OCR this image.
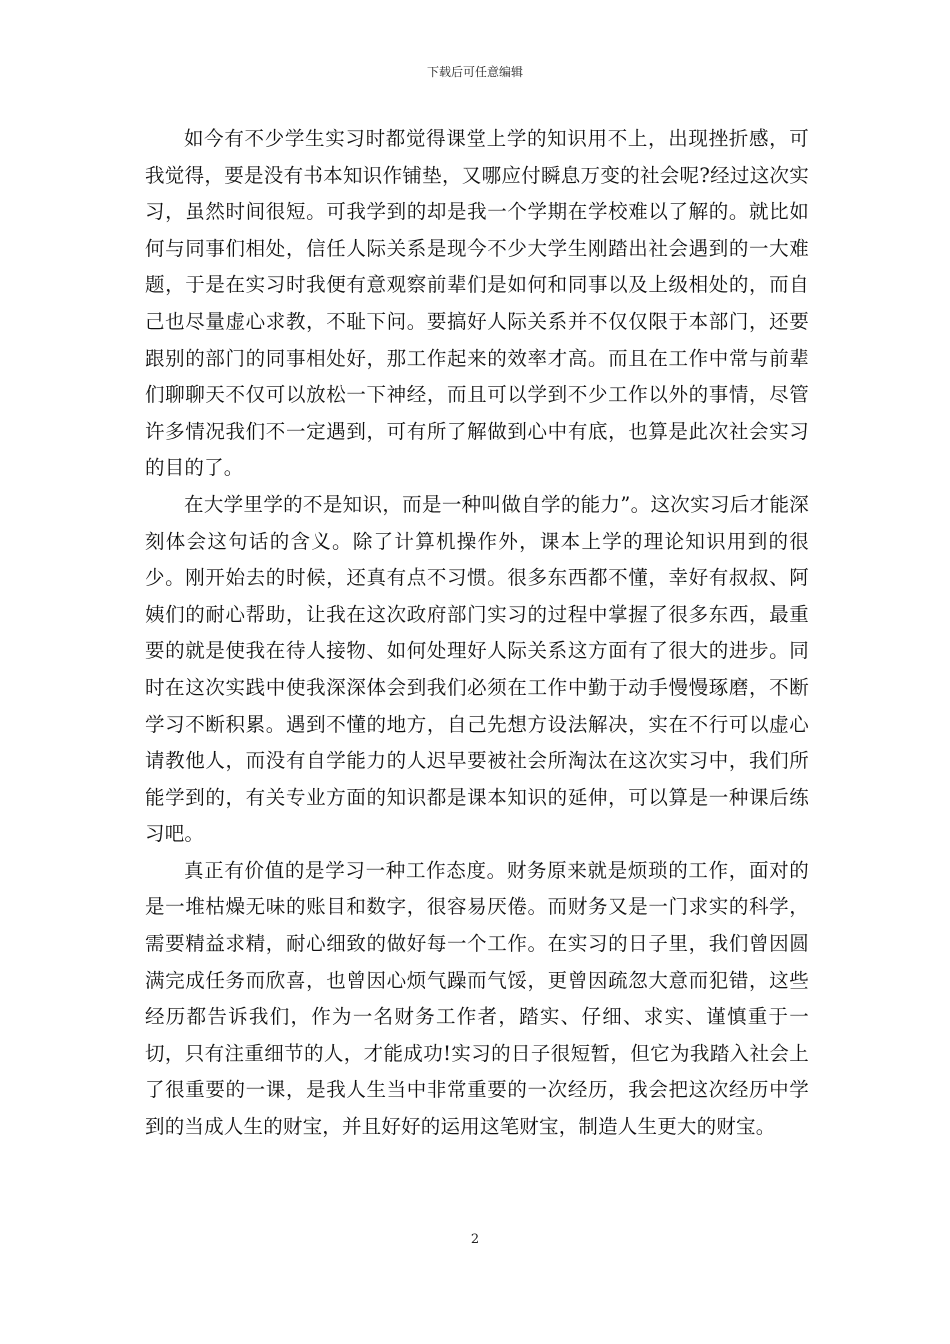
下载后可任意编辑

如今有不少学生实习时都觉得课堂上学的知识用不上，出现挫折感，可我觉得，要是没有书本知识作铺垫，又哪应付瞬息万变的社会呢?经过这次实习，虽然时间很短。可我学到的却是我一个学期在学校难以了解的。就比如何与同事们相处，信任人际关系是现今不少大学生刚踏出社会遇到的一大难题，于是在实习时我便有意观察前辈们是如何和同事以及上级相处的，而自己也尽量虚心求教，不耻下问。要搞好人际关系并不仅仅限于本部门，还要跟别的部门的同事相处好，那工作起来的效率才高。而且在工作中常与前辈们聊聊天不仅可以放松一下神经，而且可以学到不少工作以外的事情，尽管许多情况我们不一定遇到，可有所了解做到心中有底，也算是此次社会实习的目的了。

在大学里学的不是知识，而是一种叫做自学的能力”。这次实习后才能深刻体会这句话的含义。除了计算机操作外，课本上学的理论知识用到的很少。刚开始去的时候，还真有点不习惯。很多东西都不懂，幸好有叔叔、阿姨们的耐心帮助，让我在这次政府部门实习的过程中掌握了很多东西，最重要的就是使我在待人接物、如何处理好人际关系这方面有了很大的进步。同时在这次实践中使我深深体会到我们必须在工作中勤于动手慢慢琢磨，不断学习不断积累。遇到不懂的地方，自己先想方设法解决，实在不行可以虚心请教他人，而没有自学能力的人迟早要被社会所淘汰在这次实习中，我们所能学到的，有关专业方面的知识都是课本知识的延伸，可以算是一种课后练习吧。

真正有价值的是学习一种工作态度。财务原来就是烦琐的工作，面对的是一堆枯燥无味的账目和数字，很容易厌倦。而财务又是一门求实的科学，需要精益求精，耐心细致的做好每一个工作。在实习的日子里，我们曾因圆满完成任务而欣喜，也曾因心烦气躁而气馁，更曾因疏忽大意而犯错，这些经历都告诉我们，作为一名财务工作者，踏实、仔细、求实、谨慎重于一切，只有注重细节的人，才能成功!实习的日子很短暂，但它为我踏入社会上了很重要的一课，是我人生当中非常重要的一次经历，我会把这次经历中学到的当成人生的财宝，并且好好的运用这笔财宝，制造人生更大的财宝。

2
